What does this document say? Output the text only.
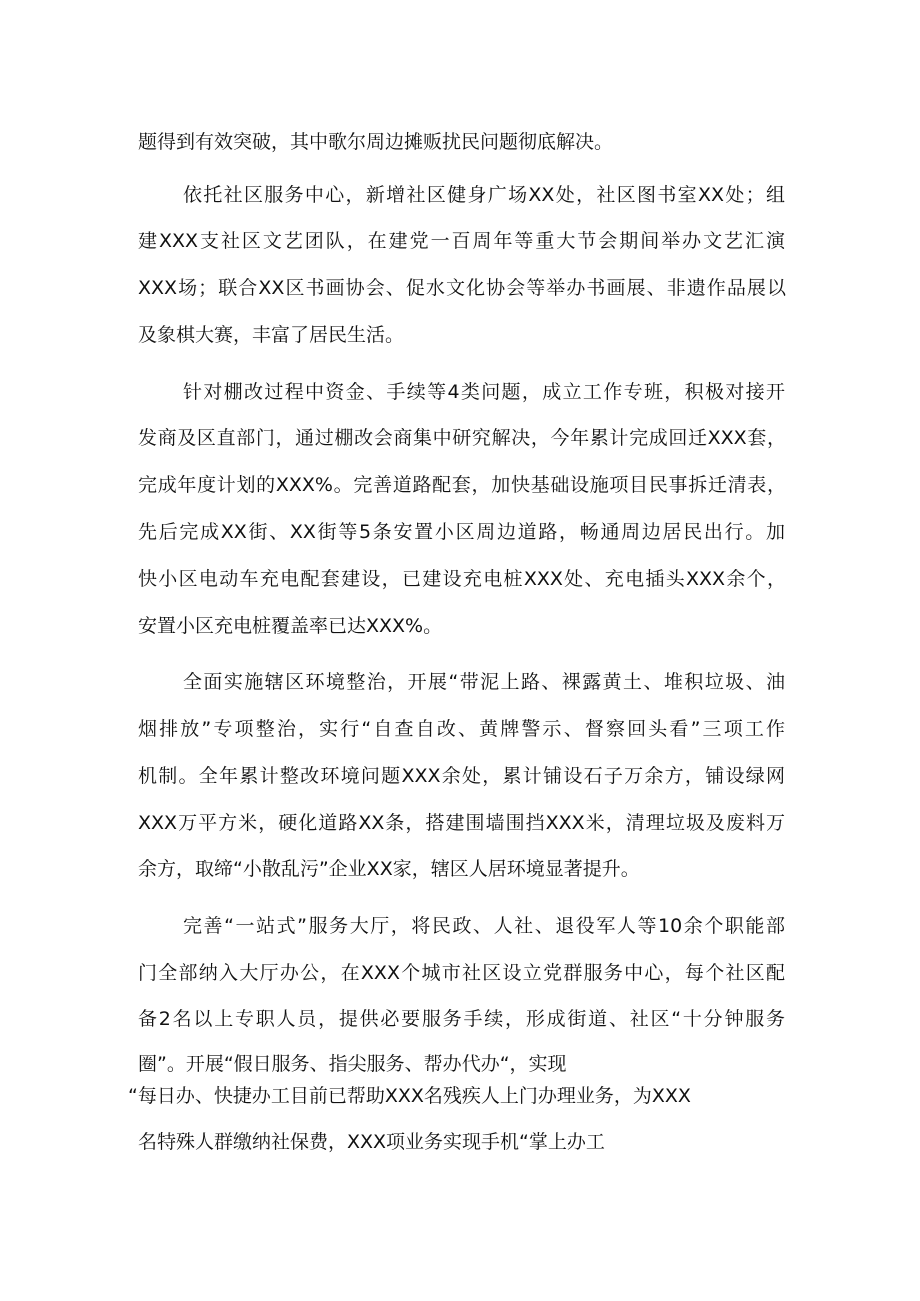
题得到有效突破，其中歌尔周边摊贩扰民问题彻底解决。
依托社区服务中心，新增社区健身广场XX处，社区图书室XX处；组
建XXX支社区文艺团队，在建党一百周年等重大节会期间举办文艺汇演
XXX场；联合XX区书画协会、促水文化协会等举办书画展、非遗作品展以
及象棋大赛，丰富了居民生活。
针对棚改过程中资金、手续等4类问题，成立工作专班，积极对接开
发商及区直部门，通过棚改会商集中研究解决，今年累计完成回迁XXX套，
完成年度计划的XXX%。完善道路配套，加快基础设施项目民事拆迁清表，
先后完成XX街、XX街等5条安置小区周边道路，畅通周边居民出行。加
快小区电动车充电配套建设，已建设充电桩XXX处、充电插头XXX余个，
安置小区充电桩覆盖率已达XXX%。
全面实施辖区环境整治，开展“带泥上路、裸露黄土、堆积垃圾、油
烟排放”专项整治，实行“自查自改、黄牌警示、督察回头看”三项工作
机制。全年累计整改环境问题XXX余处，累计铺设石子万余方，铺设绿网
XXX万平方米，硬化道路XX条，搭建围墙围挡XXX米，清理垃圾及废料万
余方，取缔“小散乱污”企业XX家，辖区人居环境显著提升。
完善“一站式”服务大厅，将民政、人社、退役军人等10余个职能部
门全部纳入大厅办公，在XXX个城市社区设立党群服务中心，每个社区配
备2名以上专职人员，提供必要服务手续，形成街道、社区“十分钟服务
圈”。开展“假日服务、指尖服务、帮办代办“，实现
“每日办、快捷办工目前已帮助XXX名残疾人上门办理业务，为XXX
名特殊人群缴纳社保费，XXX项业务实现手机“掌上办工
